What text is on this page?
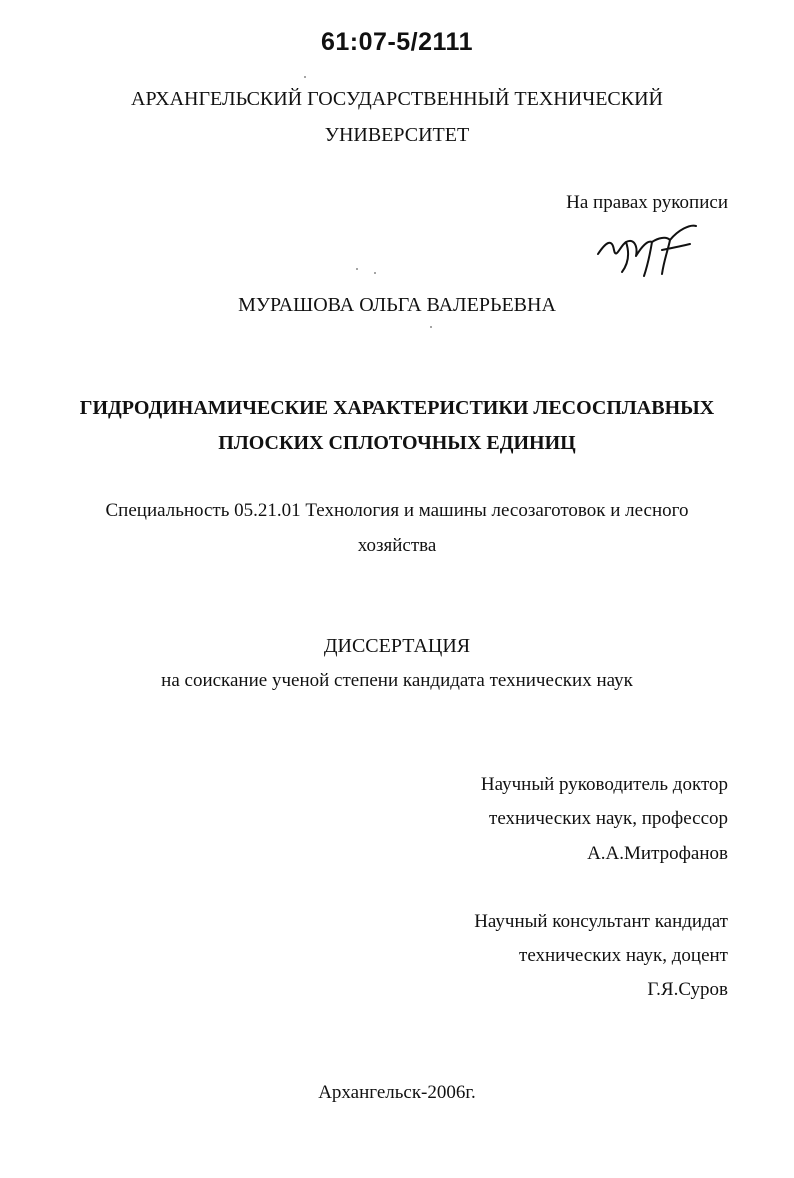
61:07-5/2111
АРХАНГЕЛЬСКИЙ ГОСУДАРСТВЕННЫЙ ТЕХНИЧЕСКИЙ
УНИВЕРСИТЕТ
На правах рукописи
МУРАШОВА ОЛЬГА ВАЛЕРЬЕВНА
ГИДРОДИНАМИЧЕСКИЕ ХАРАКТЕРИСТИКИ ЛЕСОСПЛАВНЫХ
ПЛОСКИХ СПЛОТОЧНЫХ ЕДИНИЦ
Специальность 05.21.01 Технология и машины лесозаготовок и лесного
хозяйства
ДИССЕРТАЦИЯ
на соискание ученой степени кандидата технических наук
Научный руководитель доктор
технических наук, профессор
А.А.Митрофанов
Научный консультант кандидат
технических наук, доцент
Г.Я.Суров
Архангельск-2006г.
